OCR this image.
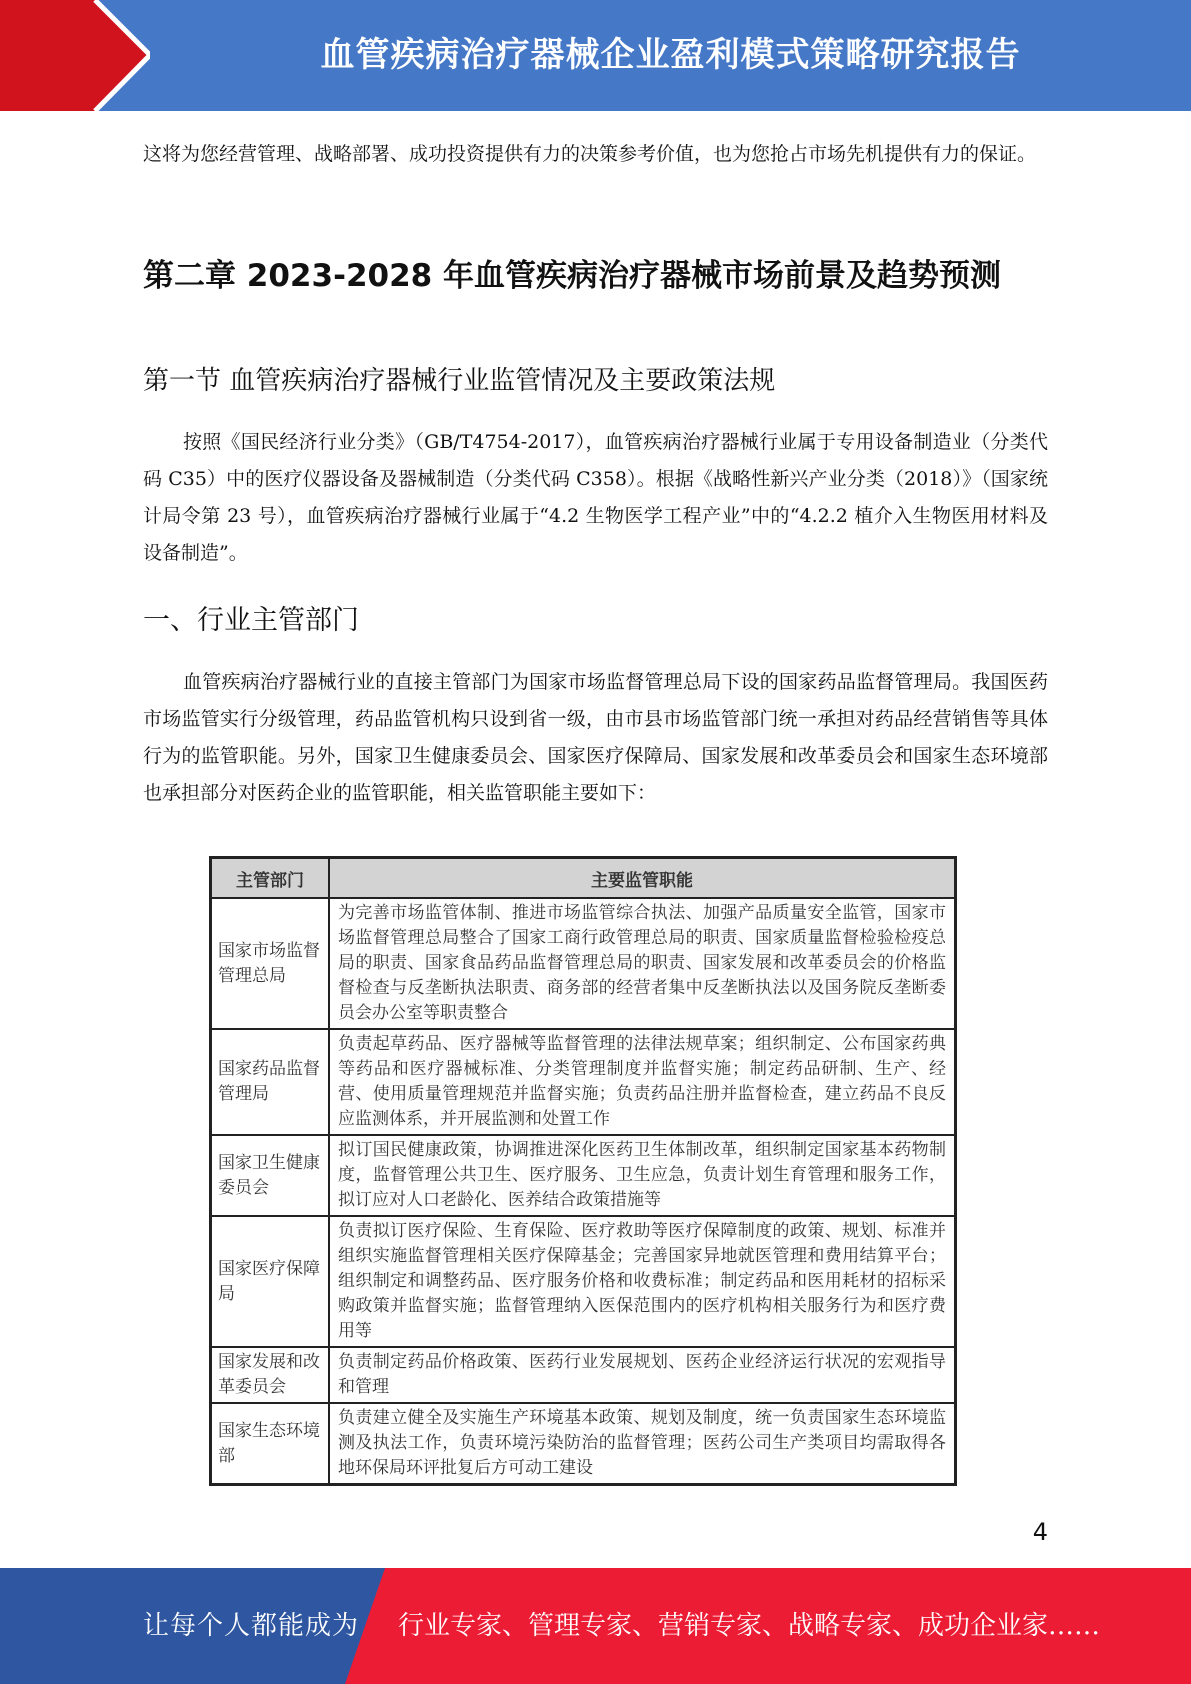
血管疾病治疗器械企业盈利模式策略研究报告

这将为您经营管理、战略部署、成功投资提供有力的决策参考价值，也为您抢占市场先机提供有力的保证。

第二章 2023-2028 年血管疾病治疗器械市场前景及趋势预测
第一节 血管疾病治疗器械行业监管情况及主要政策法规

按照《国民经济行业分类》（GB/T4754-2017），血管疾病治疗器械行业属于专用设备制造业（分类代码 C35）中的医疗仪器设备及器械制造（分类代码 C358）。根据《战略性新兴产业分类（2018）》（国家统计局令第 23 号），血管疾病治疗器械行业属于“4.2 生物医学工程产业”中的“4.2.2 植介入生物医用材料及设备制造”。

一、行业主管部门

血管疾病治疗器械行业的直接主管部门为国家市场监督管理总局下设的国家药品监督管理局。我国医药市场监管实行分级管理，药品监管机构只设到省一级，由市县市场监管部门统一承担对药品经营销售等具体行为的监管职能。另外，国家卫生健康委员会、国家医疗保障局、国家发展和改革委员会和国家生态环境部也承担部分对医药企业的监管职能，相关监管职能主要如下：

主管部门	主要监管职能
国家市场监督管理总局	为完善市场监管体制、推进市场监管综合执法、加强产品质量安全监管，国家市场监督管理总局整合了国家工商行政管理总局的职责、国家质量监督检验检疫总局的职责、国家食品药品监督管理总局的职责、国家发展和改革委员会的价格监督检查与反垄断执法职责、商务部的经营者集中反垄断执法以及国务院反垄断委员会办公室等职责整合
国家药品监督管理局	负责起草药品、医疗器械等监督管理的法律法规草案；组织制定、公布国家药典等药品和医疗器械标准、分类管理制度并监督实施；制定药品研制、生产、经营、使用质量管理规范并监督实施；负责药品注册并监督检查，建立药品不良反应监测体系，并开展监测和处置工作
国家卫生健康委员会	拟订国民健康政策，协调推进深化医药卫生体制改革，组织制定国家基本药物制度，监督管理公共卫生、医疗服务、卫生应急，负责计划生育管理和服务工作，拟订应对人口老龄化、医养结合政策措施等
国家医疗保障局	负责拟订医疗保险、生育保险、医疗救助等医疗保障制度的政策、规划、标准并组织实施监督管理相关医疗保障基金；完善国家异地就医管理和费用结算平台；组织制定和调整药品、医疗服务价格和收费标准；制定药品和医用耗材的招标采购政策并监督实施；监督管理纳入医保范围内的医疗机构相关服务行为和医疗费用等
国家发展和改革委员会	负责制定药品价格政策、医药行业发展规划、医药企业经济运行状况的宏观指导和管理
国家生态环境部	负责建立健全及实施生产环境基本政策、规划及制度，统一负责国家生态环境监测及执法工作，负责环境污染防治的监督管理；医药公司生产类项目均需取得各地环保局环评批复后方可动工建设
4
让每个人都能成为 行业专家、管理专家、营销专家、战略专家、成功企业家……
